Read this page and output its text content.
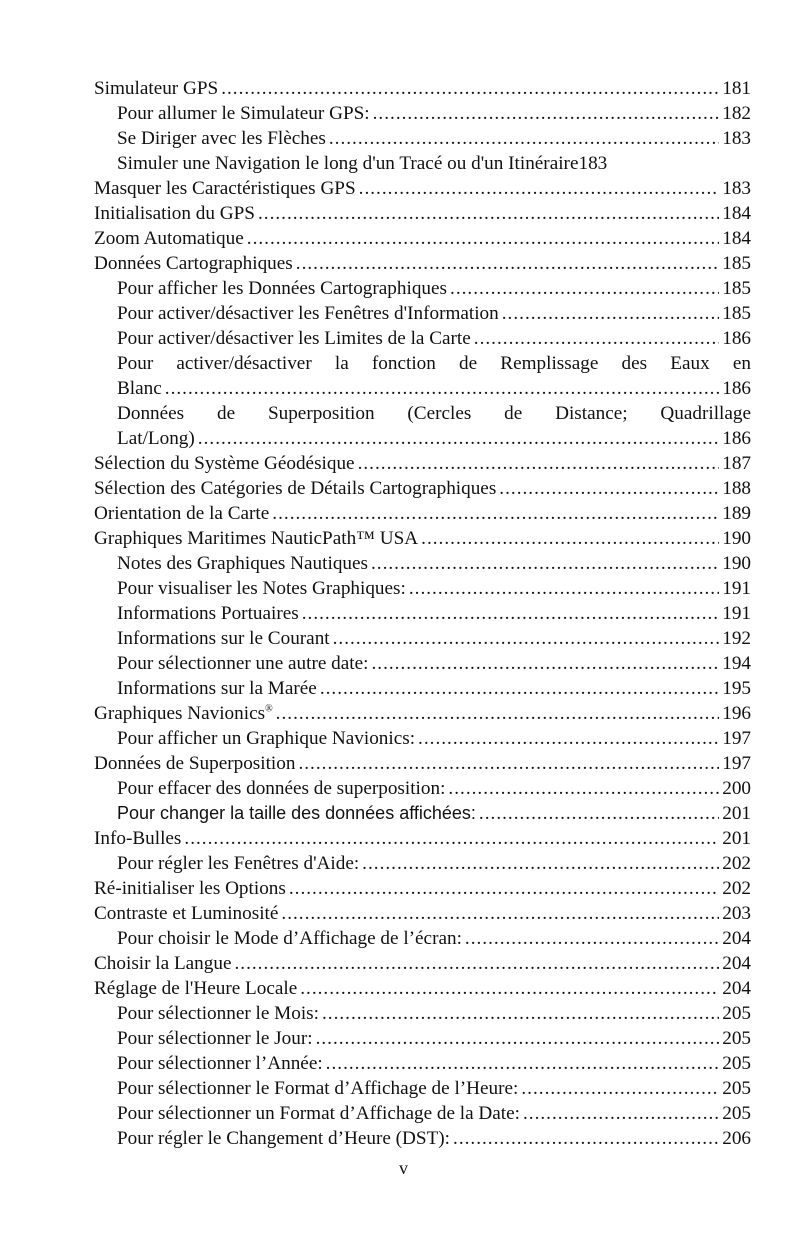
Simulateur GPS .....	181
Pour allumer le Simulateur GPS: .....	182
Se Diriger avec les Flèches .....	183
Simuler une Navigation le long d'un Tracé ou d'un Itinéraire 183
Masquer les Caractéristiques GPS .....	183
Initialisation du GPS .....	184
Zoom Automatique .....	184
Données Cartographiques .....	185
Pour afficher les Données Cartographiques .....	185
Pour activer/désactiver les Fenêtres d'Information .....	185
Pour activer/désactiver les Limites de la Carte .....	186
Pour activer/désactiver la fonction de Remplissage des Eaux en
Blanc .....	186
Données de Superposition (Cercles de Distance; Quadrillage
Lat/Long) .....	186
Sélection du Système Géodésique .....	187
Sélection des Catégories de Détails Cartographiques .....	188
Orientation de la Carte .....	189
Graphiques Maritimes NauticPath™ USA .....	190
Notes des Graphiques Nautiques .....	190
Pour visualiser les Notes Graphiques: .....	191
Informations Portuaires .....	191
Informations sur le Courant .....	192
Pour sélectionner une autre date: .....	194
Informations sur la Marée .....	195
Graphiques Navionics® .....	196
Pour afficher un Graphique Navionics: .....	197
Données de Superposition .....	197
Pour effacer des données de superposition: .....	200
Pour changer la taille des données affichées: .....	201
Info-Bulles .....	201
Pour régler les Fenêtres d'Aide: .....	202
Ré-initialiser les Options .....	202
Contraste et Luminosité .....	203
Pour choisir le Mode d’Affichage de l’écran: .....	204
Choisir la Langue .....	204
Réglage de l'Heure Locale .....	204
Pour sélectionner le Mois: .....	205
Pour sélectionner le Jour: .....	205
Pour sélectionner l’Année: .....	205
Pour sélectionner le Format d’Affichage de l’Heure: .....	205
Pour sélectionner un Format d’Affichage de la Date: .....	205
Pour régler le Changement d’Heure (DST): .....	206
v
